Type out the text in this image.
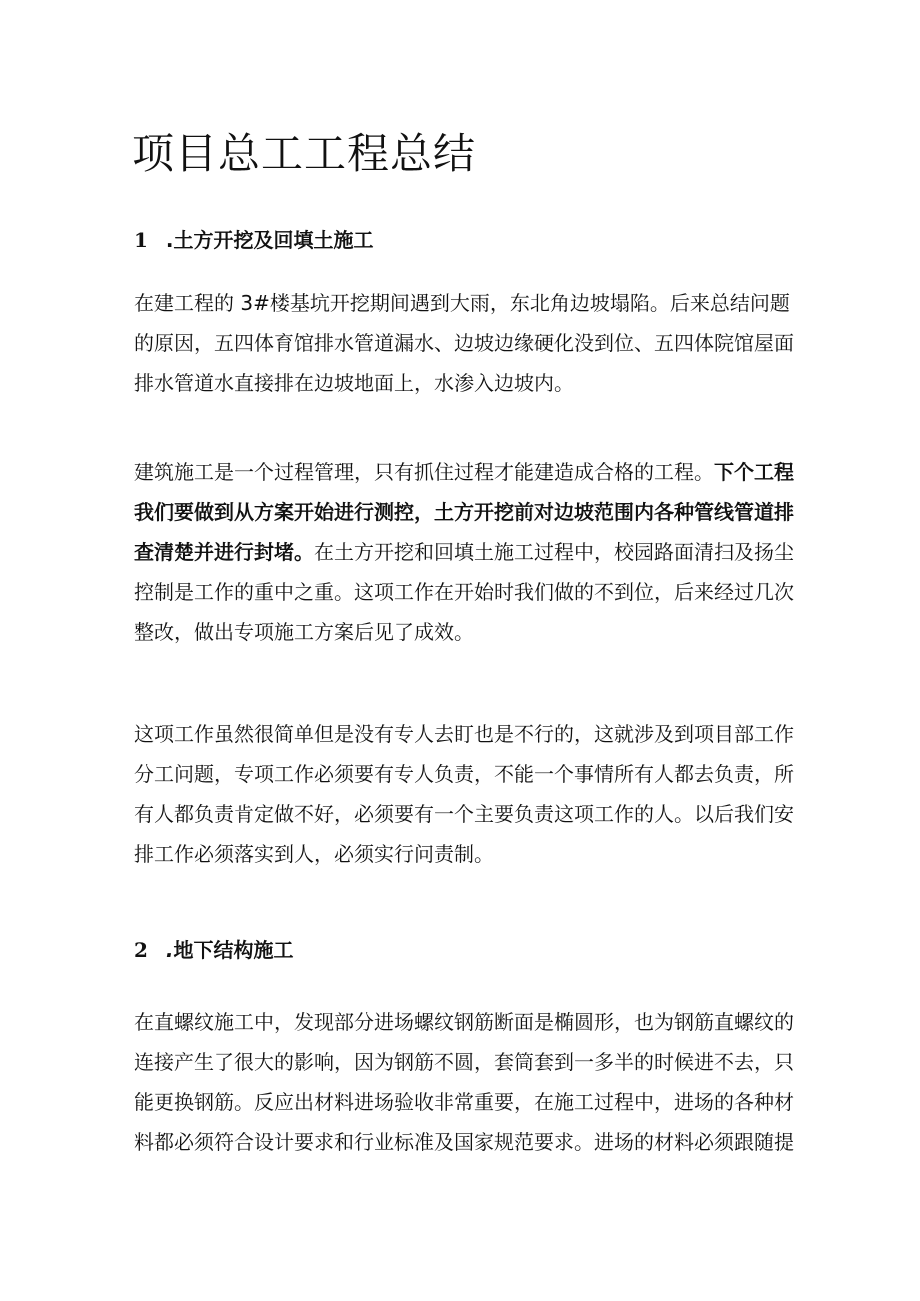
项目总工工程总结
1 .土方开挖及回填土施工
在建工程的 3#楼基坑开挖期间遇到大雨，东北角边坡塌陷。后来总结问题
的原因，五四体育馆排水管道漏水、边坡边缘硬化没到位、五四体院馆屋面
排水管道水直接排在边坡地面上，水渗入边坡内。
建筑施工是一个过程管理，只有抓住过程才能建造成合格的工程。下个工程
我们要做到从方案开始进行测控，土方开挖前对边坡范围内各种管线管道排
查清楚并进行封堵。在土方开挖和回填土施工过程中，校园路面清扫及扬尘
控制是工作的重中之重。这项工作在开始时我们做的不到位，后来经过几次
整改，做出专项施工方案后见了成效。
这项工作虽然很简单但是没有专人去盯也是不行的，这就涉及到项目部工作
分工问题，专项工作必须要有专人负责，不能一个事情所有人都去负责，所
有人都负责肯定做不好，必须要有一个主要负责这项工作的人。以后我们安
排工作必须落实到人，必须实行问责制。
2 .地下结构施工
在直螺纹施工中，发现部分进场螺纹钢筋断面是椭圆形，也为钢筋直螺纹的
连接产生了很大的影响，因为钢筋不圆，套筒套到一多半的时候进不去，只
能更换钢筋。反应出材料进场验收非常重要，在施工过程中，进场的各种材
料都必须符合设计要求和行业标准及国家规范要求。进场的材料必须跟随提
